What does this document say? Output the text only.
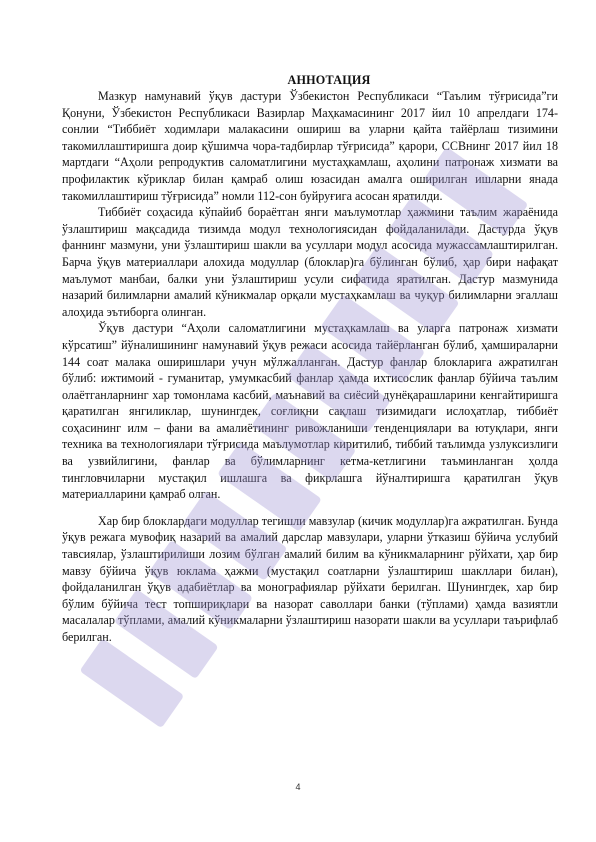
АННОТАЦИЯ

Мазкур намунавий ўқув дастури Ўзбекистон Республикаси “Таълим тўғрисида”ги Қонуни, Ўзбекистон Республикаси Вазирлар Маҳкамасининг 2017 йил 10 апрелдаги 174-сонлии “Тиббиёт ходимлари малакасини ошириш ва уларни қайта тайёрлаш тизимини такомиллаштиришга доир қўшимча чора-тадбирлар тўғрисида” қарори, ССВнинг 2017 йил 18 мартдаги “Аҳоли репродуктив саломатлигини мустаҳкамлаш, аҳолини патронаж хизмати ва профилактик кўриклар билан қамраб олиш юзасидан амалга оширилган ишларни янада такомиллаштириш тўғрисида” номли 112-сон буйруғига асосан яратилди.

Тиббиёт соҳасида кўпайиб бораётган янги маълумотлар ҳажмини таълим жараёнида ўзлаштириш мақсадида тизимда модул технологиясидан фойдаланилади. Дастурда ўқув фаннинг мазмуни, уни ўзлаштириш шакли ва усуллари модул асосида мужассамлаштирилган. Барча ўқув материаллари алохида модуллар (блоклар)га бўлинган бўлиб, ҳар бири нафақат маълумот манбаи, балки уни ўзлаштириш усули сифатида яратилган. Дастур мазмунида назарий билимларни амалий кўникмалар орқали мустаҳкамлаш ва чуқур билимларни эгаллаш алоҳида эътиборга олинган.

Ўқув дастури “Аҳоли саломатлигини мустаҳкамлаш ва уларга патронаж хизмати кўрсатиш” йўналишининг намунавий ўқув режаси асосида тайёрланган бўлиб, ҳамшираларни 144 соат малака оширишлари учун мўлжалланган. Дастур фанлар блокларига ажратилган бўлиб: ижтимоий - гуманитар, умумкасбий фанлар ҳамда ихтисослик фанлар бўйича таълим олаётганларнинг хар томонлама касбий, маънавий ва сиёсий дунёқарашларини кенгайтиришга қаратилган янгиликлар, шунингдек, соғлиқни сақлаш тизимидаги ислоҳатлар, тиббиёт соҳасининг илм – фани ва амалиётининг ривожланиши тенденциялари ва ютуқлари, янги техника ва технологиялари тўғрисида маълумотлар киритилиб, тиббий таълимда узлуксизлиги ва узвийлигини, фанлар ва бўлимларнинг кетма-кетлигини таъминланган ҳолда тингловчиларни мустақил ишлашга ва фикрлашга йўналтиришга қаратилган ўқув материалларини қамраб олган.

Хар бир блоклардаги модуллар тегишли мавзулар (кичик модуллар)га ажратилган. Бунда ўқув режага мувофиқ назарий ва амалий дарслар мавзулари, уларни ўтказиш бўйича услубий тавсиялар, ўзлаштирилиши лозим бўлган амалий билим ва кўникмаларнинг рўйхати, ҳар бир мавзу бўйича ўқув юклама ҳажми (мустақил соатларни ўзлаштириш шакллари билан), фойдаланилган ўқув адабиётлар ва монографиялар рўйхати берилган. Шунингдек, хар бир бўлим бўйича тест топшириқлари ва назорат саволлари банки (тўплами) ҳамда вазиятли масалалар тўплами, амалий кўникмаларни ўзлаштириш назорати шакли ва усуллари таърифлаб берилган.

4
